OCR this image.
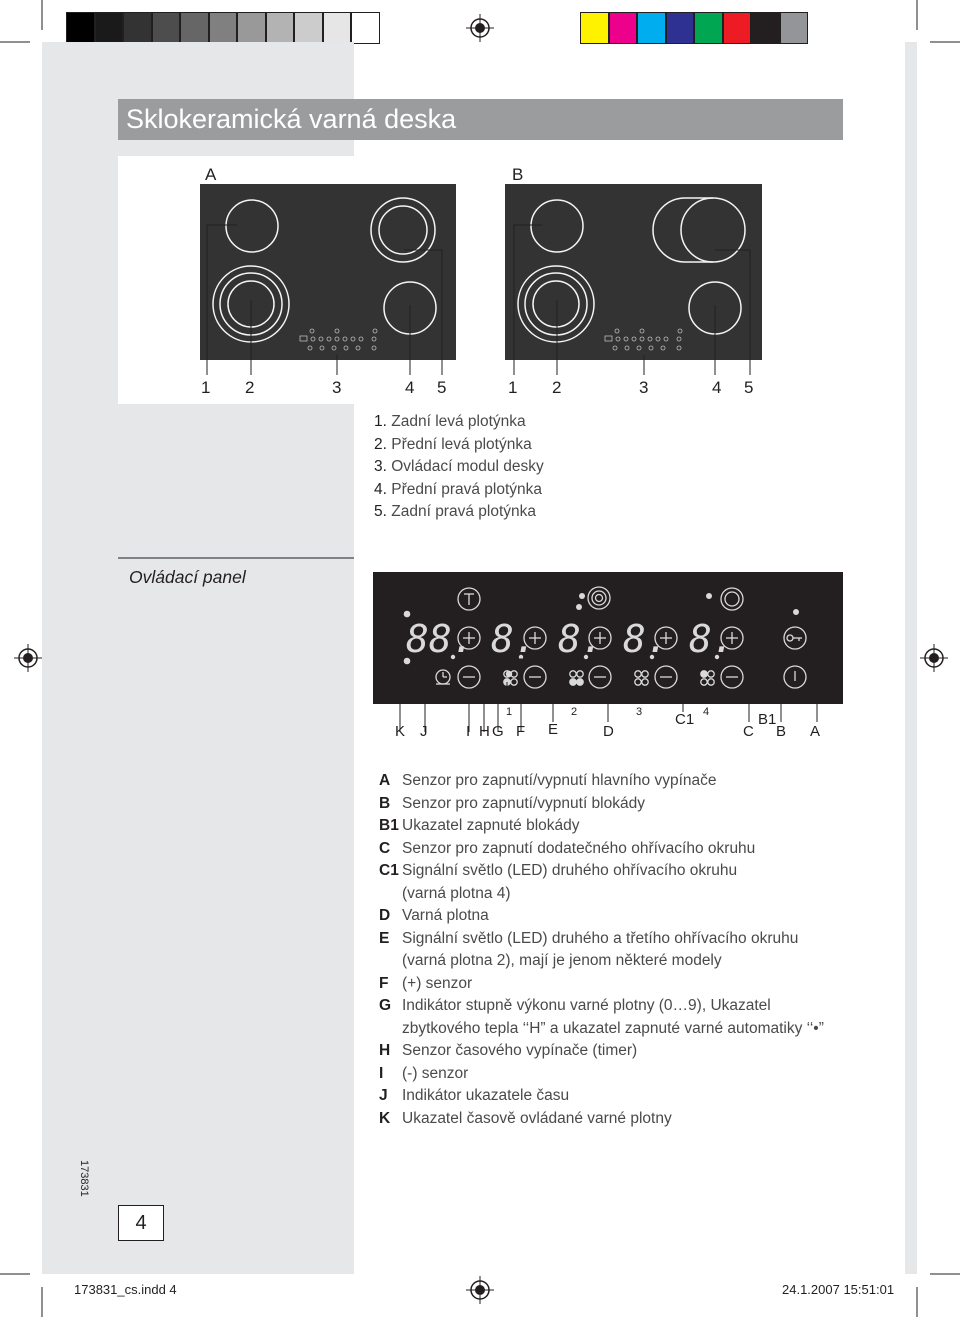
Sklokeramická varná deska
A	B
1 2	3	4 5	1 2	3	4 5
1. Zadní levá plotýnka
2. Přední levá plotýnka
3. Ovládací modul desky
4. Přední pravá plotýnka
5. Zadní pravá plotýnka
Ovládací panel
88. 8. 8. 8. 8.
K J	I H G F E	D
C1
C
B1
B A
1	2	3	4
A Senzor pro zapnutí/vypnutí hlavního vypínače
B Senzor pro zapnutí/vypnutí blokády
B1 Ukazatel zapnuté blokády
C Senzor pro zapnutí dodatečného ohřívacího okruhu
C1 Signální světlo (LED) druhého ohřívacího okruhu
(varná plotna 4)
D Varná plotna
E Signální světlo (LED) druhého a třetího ohřívacího okruhu
(varná plotna 2), mají je jenom některé modely
F (+) senzor
G Indikátor stupně výkonu varné plotny (0…9), Ukazatel
zbytkového tepla ‘‘H” a ukazatel zapnuté varné automatiky ‘‘•”
H Senzor časového vypínače (timer)
I	(-) senzor
J Indikátor ukazatele času
K Ukazatel časově ovládané varné plotny
173831
4
173831_cs.indd 4	24.1.2007 15:51:01
